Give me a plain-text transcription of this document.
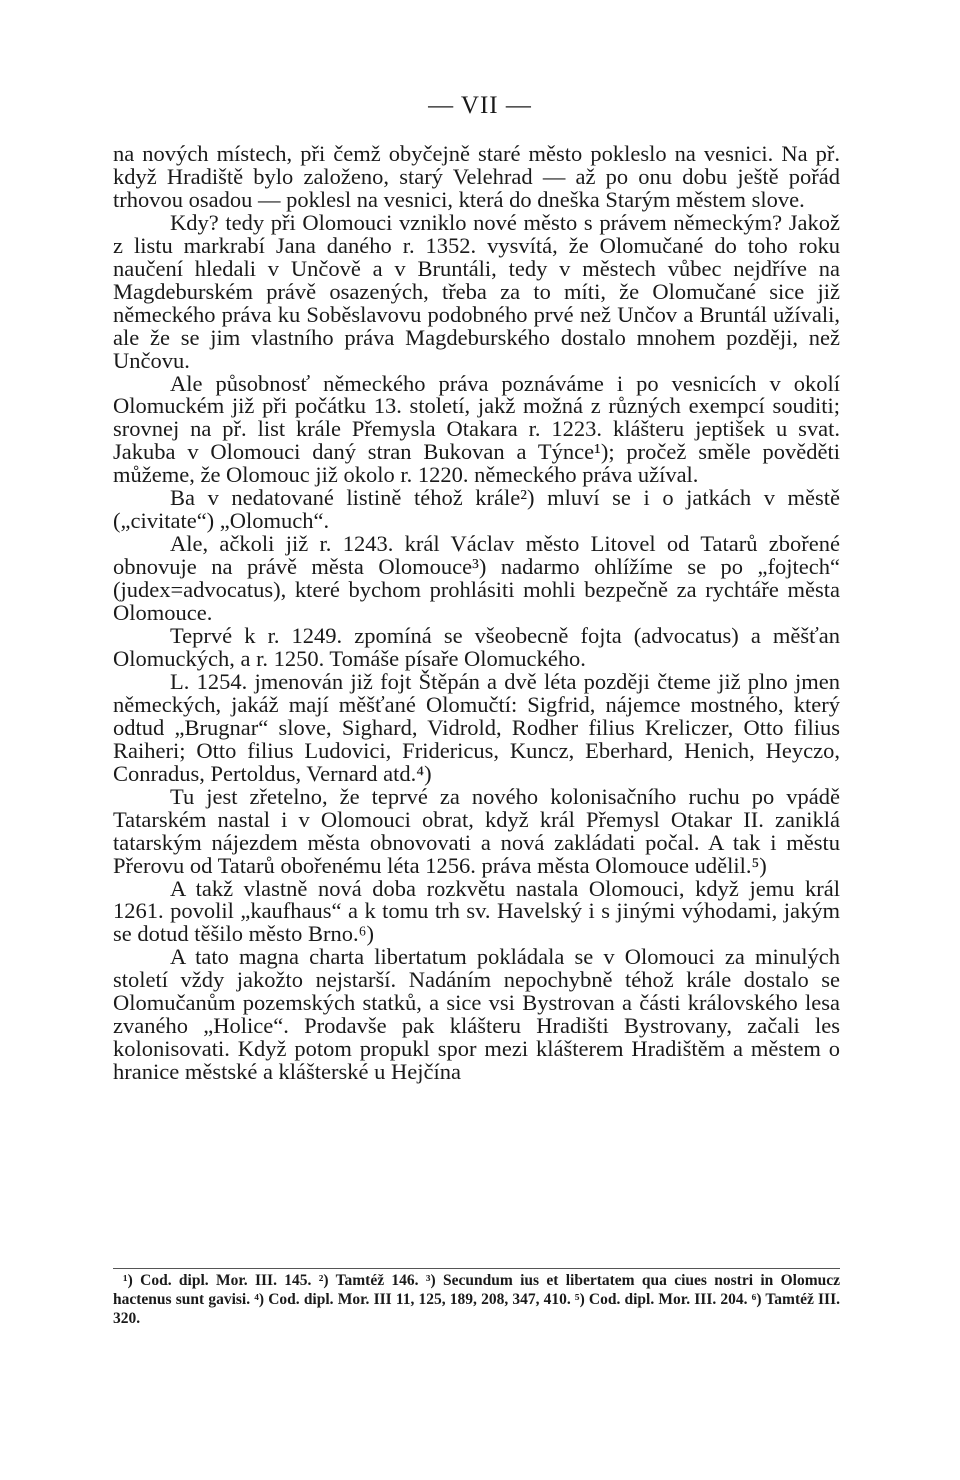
— VII —

na nových místech, při čemž obyčejně staré město pokleslo na vesnici. Na př. když Hradiště bylo založeno, starý Velehrad — až po onu dobu ještě pořád trhovou osadou — poklesl na vesnici, která do dneška Starým městem slove.

Kdy? tedy při Olomouci vzniklo nové město s právem německým? Jakož z listu markrabí Jana daného r. 1352. vysvítá, že Olomučané do toho roku naučení hledali v Unčově a v Bruntáli, tedy v městech vůbec nejdříve na Magdeburském právě osazených, třeba za to míti, že Olomučané sice již německého práva ku Soběslavovu podobného prvé než Unčov a Bruntál užívali, ale že se jim vlastního práva Magdeburského dostalo mnohem později, než Unčovu.

Ale působnosť německého práva poznáváme i po vesnicích v okolí Olomuckém již při počátku 13. století, jakž možná z různých exempcí souditi; srovnej na př. list krále Přemysla Otakara r. 1223. klášteru jeptišek u svat. Jakuba v Olomouci daný stran Bukovan a Týnce¹); pročež směle pověděti můžeme, že Olomouc již okolo r. 1220. německého práva užíval.

Ba v nedatované listině téhož krále²) mluví se i o jatkách v městě („civitate“) „Olomuch“.

Ale, ačkoli již r. 1243. král Václav město Litovel od Tatarů zbořené obnovuje na právě města Olomouce³) nadarmo ohlížíme se po „fojtech“ (judex=advocatus), které bychom prohlásiti mohli bezpečně za rychtáře města Olomouce.

Teprvé k r. 1249. zpomíná se všeobecně fojta (advocatus) a měšťan Olomuckých, a r. 1250. Tomáše písaře Olomuckého.

L. 1254. jmenován již fojt Štěpán a dvě léta později čteme již plno jmen německých, jakáž mají měšťané Olomučtí: Sigfrid, nájemce mostného, který odtud „Brugnar“ slove, Sighard, Vidrold, Rodher filius Kreliczer, Otto filius Raiheri; Otto filius Ludovici, Fridericus, Kuncz, Eberhard, Henich, Heyczo, Conradus, Pertoldus, Vernard atd.⁴)

Tu jest zřetelno, že teprvé za nového kolonisačního ruchu po vpádě Tatarském nastal i v Olomouci obrat, když král Přemysl Otakar II. zaniklá tatarským nájezdem města obnovovati a nová zakládati počal. A tak i městu Přerovu od Tatarů obořenému léta 1256. práva města Olomouce udělil.⁵)

A takž vlastně nová doba rozkvětu nastala Olomouci, když jemu král 1261. povolil „kaufhaus“ a k tomu trh sv. Havelský i s jinými výhodami, jakým se dotud těšilo město Brno.⁶)

A tato magna charta libertatum pokládala se v Olomouci za minulých století vždy jakožto nejstarší. Nadáním nepochybně téhož krále dostalo se Olomučanům pozemských statků, a sice vsi Bystrovan a části královského lesa zvaného „Holice“. Prodavše pak klášteru Hradišti Bystrovany, začali les kolonisovati. Když potom propukl spor mezi klášterem Hradištěm a městem o hranice městské a klášterské u Hejčína

¹) Cod. dipl. Mor. III. 145. ²) Tamtéž 146. ³) Secundum ius et libertatem qua ciues nostri in Olomucz hactenus sunt gavisi. ⁴) Cod. dipl. Mor. III 11, 125, 189, 208, 347, 410. ⁵) Cod. dipl. Mor. III. 204. ⁶) Tamtéž III. 320.
